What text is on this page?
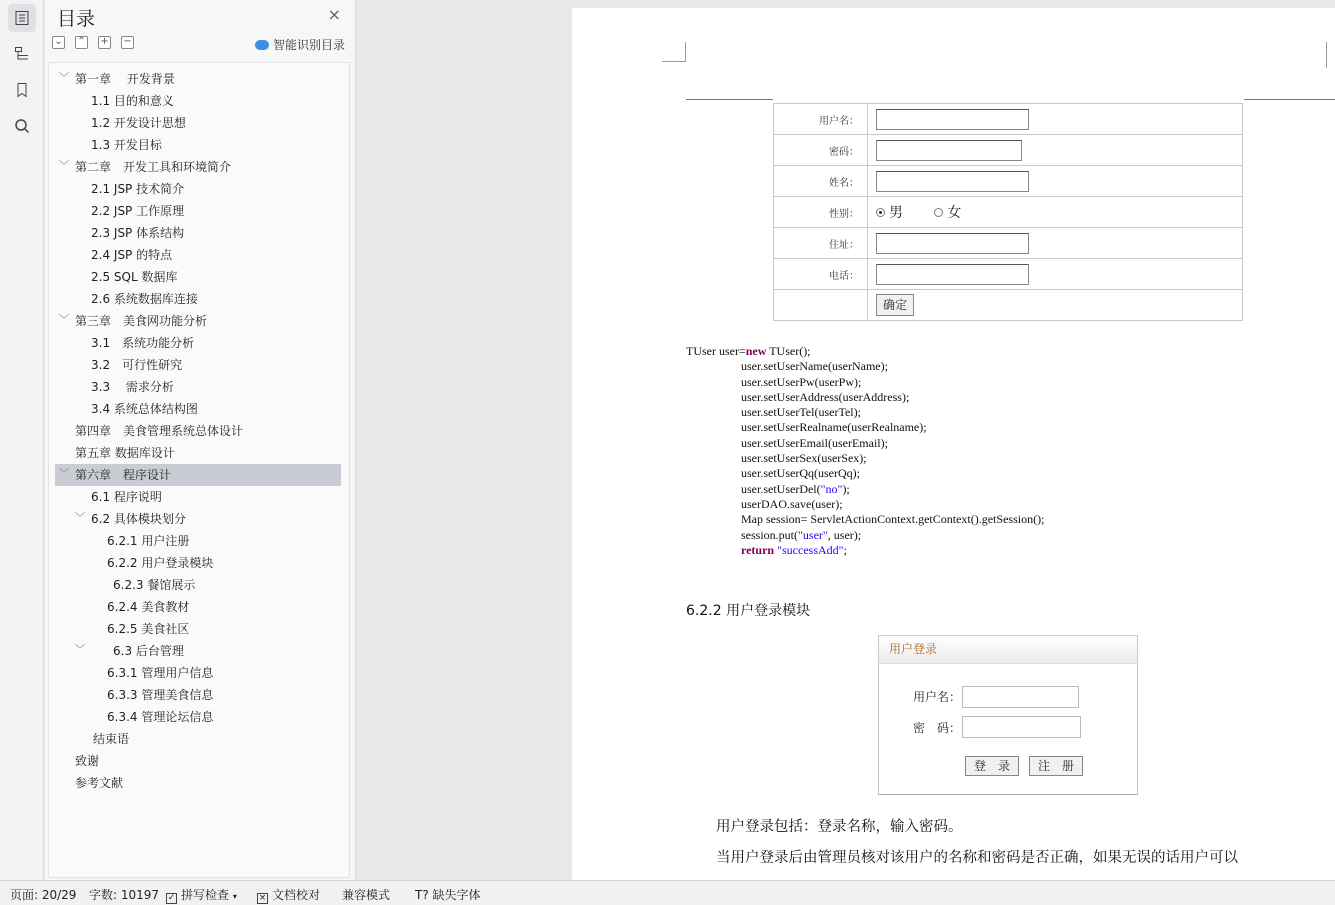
目录	×
⌄ ⌃ + −	智能识别目录
﹀ 第一章　 开发背景
1.1 目的和意义
1.2 开发设计思想
1.3 开发目标
﹀ 第二章　开发工具和环境简介
2.1 JSP 技术简介
2.2 JSP 工作原理
2.3 JSP 体系结构
2.4 JSP 的特点
2.5 SQL 数据库
2.6 系统数据库连接
﹀ 第三章　美食网功能分析
3.1　系统功能分析
3.2　可行性研究
3.3　 需求分析
3.4 系统总体结构图
第四章　美食管理系统总体设计
第五章 数据库设计
﹀ 第六章　程序设计
6.1 程序说明
﹀ 6.2 具体模块划分
6.2.1 用户注册
6.2.2 用户登录模块
6.2.3 餐馆展示
6.2.4 美食教材
6.2.5 美食社区
﹀ 6.3 后台管理
6.3.1 管理用户信息
6.3.3 管理美食信息
6.3.4 管理论坛信息
结束语
致谢
参考文献
用户名：	
密码：	
姓名：	
性别：	男
女

住址：	
电话：	
	确定
TUser user=new TUser();
user.setUserName(userName);
user.setUserPw(userPw);
user.setUserAddress(userAddress);
user.setUserTel(userTel);
user.setUserRealname(userRealname);
user.setUserEmail(userEmail);
user.setUserSex(userSex);
user.setUserQq(userQq);
user.setUserDel("no");
userDAO.save(user);
Map session= ServletActionContext.getContext().getSession();
session.put("user", user);
return "successAdd";
6.2.2 用户登录模块
用户登录
用户名：
密　码：
登　录	注　册
用户登录包括：登录名称，输入密码。
当用户登录后由管理员核对该用户的名称和密码是否正确，如果无误的话用户可以
页面: 20/29 字数: 10197 ✓ 拼写检查 ▾ × 文档校对 兼容模式 T? 缺失字体
